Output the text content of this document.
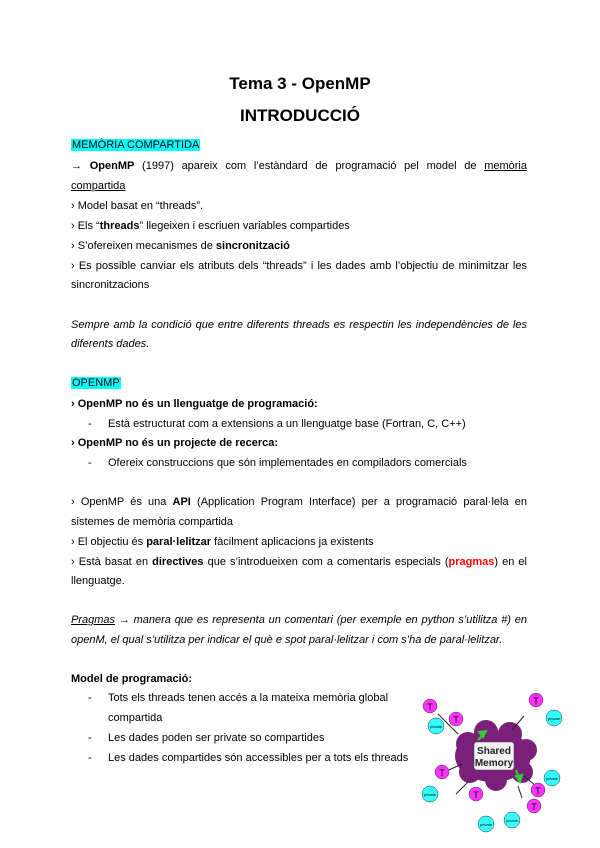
Tema 3 - OpenMP
INTRODUCCIÓ
MEMÒRIA COMPARTIDA
→ OpenMP (1997) apareix com l’estàndard de programació pel model de memòria
compartida
› Model basat en “threads”.
› Els “threads” llegeixen i escriuen variables compartides
› S’ofereixen mecanismes de sincronització
› Es possible canviar els atributs dels “threads” i les dades amb l’objectiu de minimitzar les
sincronitzacions
Sempre amb la condició que entre diferents threads es respectin les independències de les
diferents dades.
OPENMP
› OpenMP no és un llenguatge de programació:
- Està estructurat com a extensions a un llenguatge base (Fortran, C, C++)
› OpenMP no és un projecte de recerca:
- Ofereix construccions que són implementades en compiladors comercials
› OpenMP és una API (Application Program Interface) per a programació paral·lela en
sistemes de memòria compartida
› El objectiu és paral·lelitzar fàcilment aplicacions ja existents
› Està basat en directives que s’introdueixen com a comentaris especials (pragmas) en el
llenguatge.
Pragmas → manera que es representa un comentari (per exemple en python s’utilitza #) en
openM, el qual s’utilitza per indicar el què e spot paral·lelitzar i com s’ha de paral·lelitzar.
Model de programació:
- Tots els threads tenen accés a la mateixa memòria global
compartida
- Les dades poden ser private so compartides
- Les dades compartides són accessibles per a tots els threads
Shared
Memory
T
T
T
T
T	T
T
private
private
private
private
private
private
